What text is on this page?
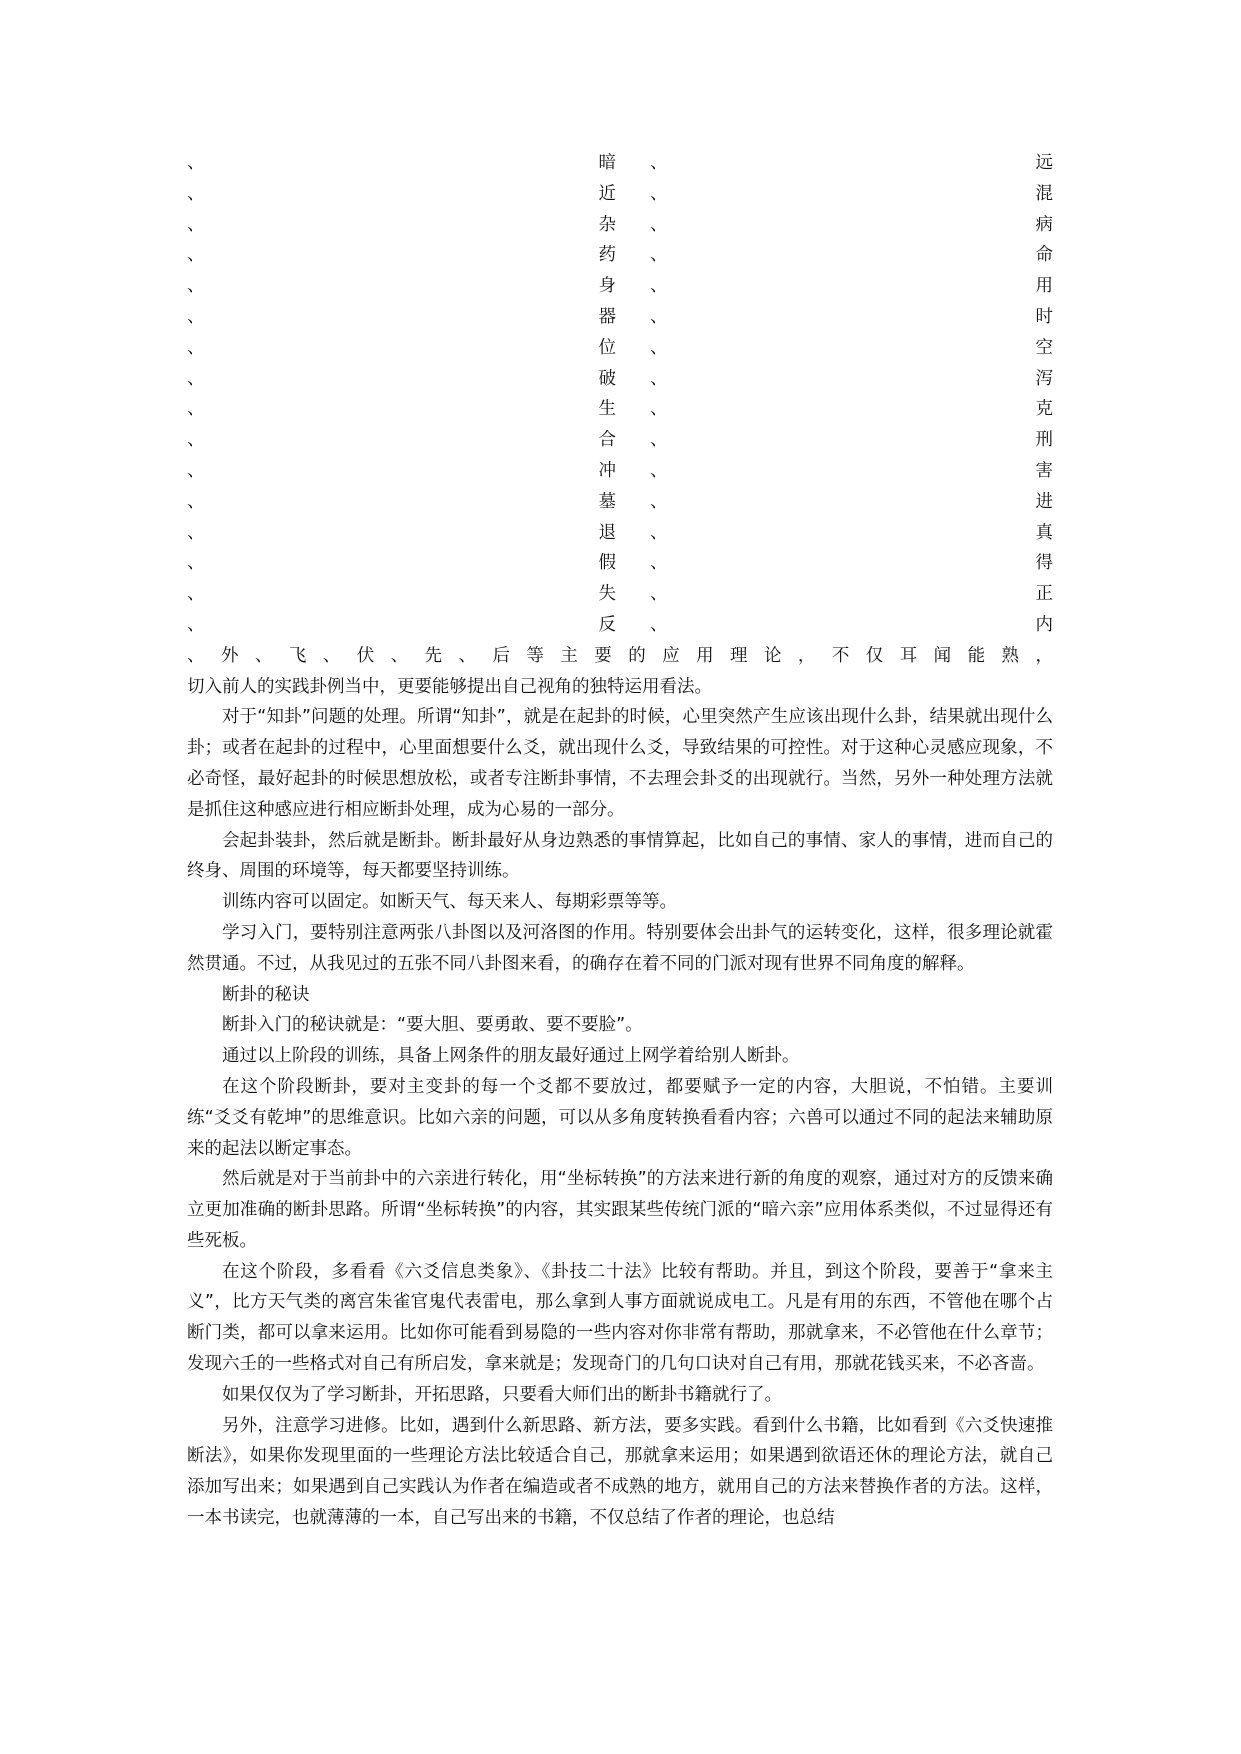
、	暗	、	远
、	近	、	混
、	杂	、	病
、	药	、	命
、	身	、	用
、	器	、	时
、	位	、	空
、	破	、	泻
、	生	、	克
、	合	、	刑
、	冲	、	害
、	墓	、	进
、	退	、	真
、	假	、	得
、	失	、	正
、	反	、	内
、 外 、 飞 、 伏 、 先 、 后 等 主 要 的 应 用 理 论 ， 不 仅 耳 闻 能 熟 ，

切入前人的实践卦例当中，更要能够提出自己视角的独特运用看法。

对于“知卦”问题的处理。所谓“知卦”，就是在起卦的时候，心里突然产生应该出现什么卦，结果就出现什么卦；或者在起卦的过程中，心里面想要什么爻，就出现什么爻，导致结果的可控性。对于这种心灵感应现象，不必奇怪，最好起卦的时候思想放松，或者专注断卦事情，不去理会卦爻的出现就行。当然，另外一种处理方法就是抓住这种感应进行相应断卦处理，成为心易的一部分。

会起卦装卦，然后就是断卦。断卦最好从身边熟悉的事情算起，比如自己的事情、家人的事情，进而自己的终身、周围的环境等，每天都要坚持训练。

训练内容可以固定。如断天气、每天来人、每期彩票等等。

学习入门，要特别注意两张八卦图以及河洛图的作用。特别要体会出卦气的运转变化，这样，很多理论就霍然贯通。不过，从我见过的五张不同八卦图来看，的确存在着不同的门派对现有世界不同角度的解释。

断卦的秘诀

断卦入门的秘诀就是：“要大胆、要勇敢、要不要脸”。

通过以上阶段的训练，具备上网条件的朋友最好通过上网学着给别人断卦。

在这个阶段断卦，要对主变卦的每一个爻都不要放过，都要赋予一定的内容，大胆说，不怕错。主要训练“爻爻有乾坤”的思维意识。比如六亲的问题，可以从多角度转换看看内容；六兽可以通过不同的起法来辅助原来的起法以断定事态。

然后就是对于当前卦中的六亲进行转化，用“坐标转换”的方法来进行新的角度的观察，通过对方的反馈来确立更加准确的断卦思路。所谓“坐标转换”的内容，其实跟某些传统门派的“暗六亲”应用体系类似，不过显得还有些死板。

在这个阶段，多看看《六爻信息类象》、《卦技二十法》比较有帮助。并且，到这个阶段，要善于“拿来主义”，比方天气类的离宫朱雀官鬼代表雷电，那么拿到人事方面就说成电工。凡是有用的东西，不管他在哪个占断门类，都可以拿来运用。比如你可能看到易隐的一些内容对你非常有帮助，那就拿来，不必管他在什么章节；发现六壬的一些格式对自己有所启发，拿来就是；发现奇门的几句口诀对自己有用，那就花钱买来，不必吝啬。

如果仅仅为了学习断卦，开拓思路，只要看大师们出的断卦书籍就行了。

另外，注意学习进修。比如，遇到什么新思路、新方法，要多实践。看到什么书籍，比如看到《六爻快速推断法》，如果你发现里面的一些理论方法比较适合自己，那就拿来运用；如果遇到欲语还休的理论方法，就自己添加写出来；如果遇到自己实践认为作者在编造或者不成熟的地方，就用自己的方法来替换作者的方法。这样，一本书读完，也就薄薄的一本，自己写出来的书籍，不仅总结了作者的理论，也总结
